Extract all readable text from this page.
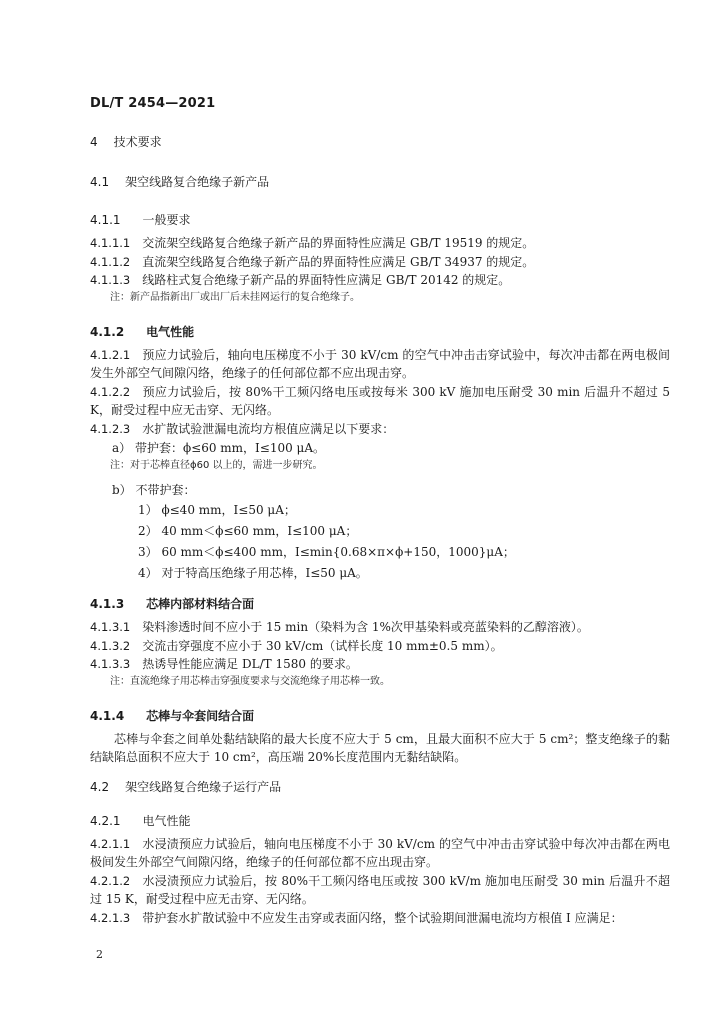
DL/T 2454—2021
4 技术要求
4.1 架空线路复合绝缘子新产品
4.1.1 一般要求

4.1.1.1 交流架空线路复合绝缘子新产品的界面特性应满足 GB/T 19519 的规定。

4.1.1.2 直流架空线路复合绝缘子新产品的界面特性应满足 GB/T 34937 的规定。

4.1.1.3 线路柱式复合绝缘子新产品的界面特性应满足 GB/T 20142 的规定。

注：新产品指新出厂或出厂后未挂网运行的复合绝缘子。

4.1.2 电气性能

4.1.2.1 预应力试验后，轴向电压梯度不小于 30 kV/cm 的空气中冲击击穿试验中，每次冲击都在两电极间发生外部空气间隙闪络，绝缘子的任何部位都不应出现击穿。

4.1.2.2 预应力试验后，按 80%干工频闪络电压或按每米 300 kV 施加电压耐受 30 min 后温升不超过 5 K，耐受过程中应无击穿、无闪络。

4.1.2.3 水扩散试验泄漏电流均方根值应满足以下要求：

a） 带护套：ϕ≤60 mm，I≤100 μA。

注：对于芯棒直径ϕ60 以上的，需进一步研究。

b） 不带护套：
1） ϕ≤40 mm，I≤50 μA；
2） 40 mm＜ϕ≤60 mm，I≤100 μA；
3） 60 mm＜ϕ≤400 mm，I≤min{0.68×π×ϕ+150，1000}μA；
4） 对于特高压绝缘子用芯棒，I≤50 μA。
4.1.3 芯棒内部材料结合面

4.1.3.1 染料渗透时间不应小于 15 min（染料为含 1%次甲基染料或亮蓝染料的乙醇溶液）。

4.1.3.2 交流击穿强度不应小于 30 kV/cm（试样长度 10 mm±0.5 mm）。

4.1.3.3 热诱导性能应满足 DL/T 1580 的要求。

注：直流绝缘子用芯棒击穿强度要求与交流绝缘子用芯棒一致。

4.1.4 芯棒与伞套间结合面

芯棒与伞套之间单处黏结缺陷的最大长度不应大于 5 cm，且最大面积不应大于 5 cm²；整支绝缘子的黏结缺陷总面积不应大于 10 cm²，高压端 20%长度范围内无黏结缺陷。

4.2 架空线路复合绝缘子运行产品
4.2.1 电气性能

4.2.1.1 水浸渍预应力试验后，轴向电压梯度不小于 30 kV/cm 的空气中冲击击穿试验中每次冲击都在两电极间发生外部空气间隙闪络，绝缘子的任何部位都不应出现击穿。

4.2.1.2 水浸渍预应力试验后，按 80%干工频闪络电压或按 300 kV/m 施加电压耐受 30 min 后温升不超过 15 K，耐受过程中应无击穿、无闪络。

4.2.1.3 带护套水扩散试验中不应发生击穿或表面闪络，整个试验期间泄漏电流均方根值 I 应满足：

2
